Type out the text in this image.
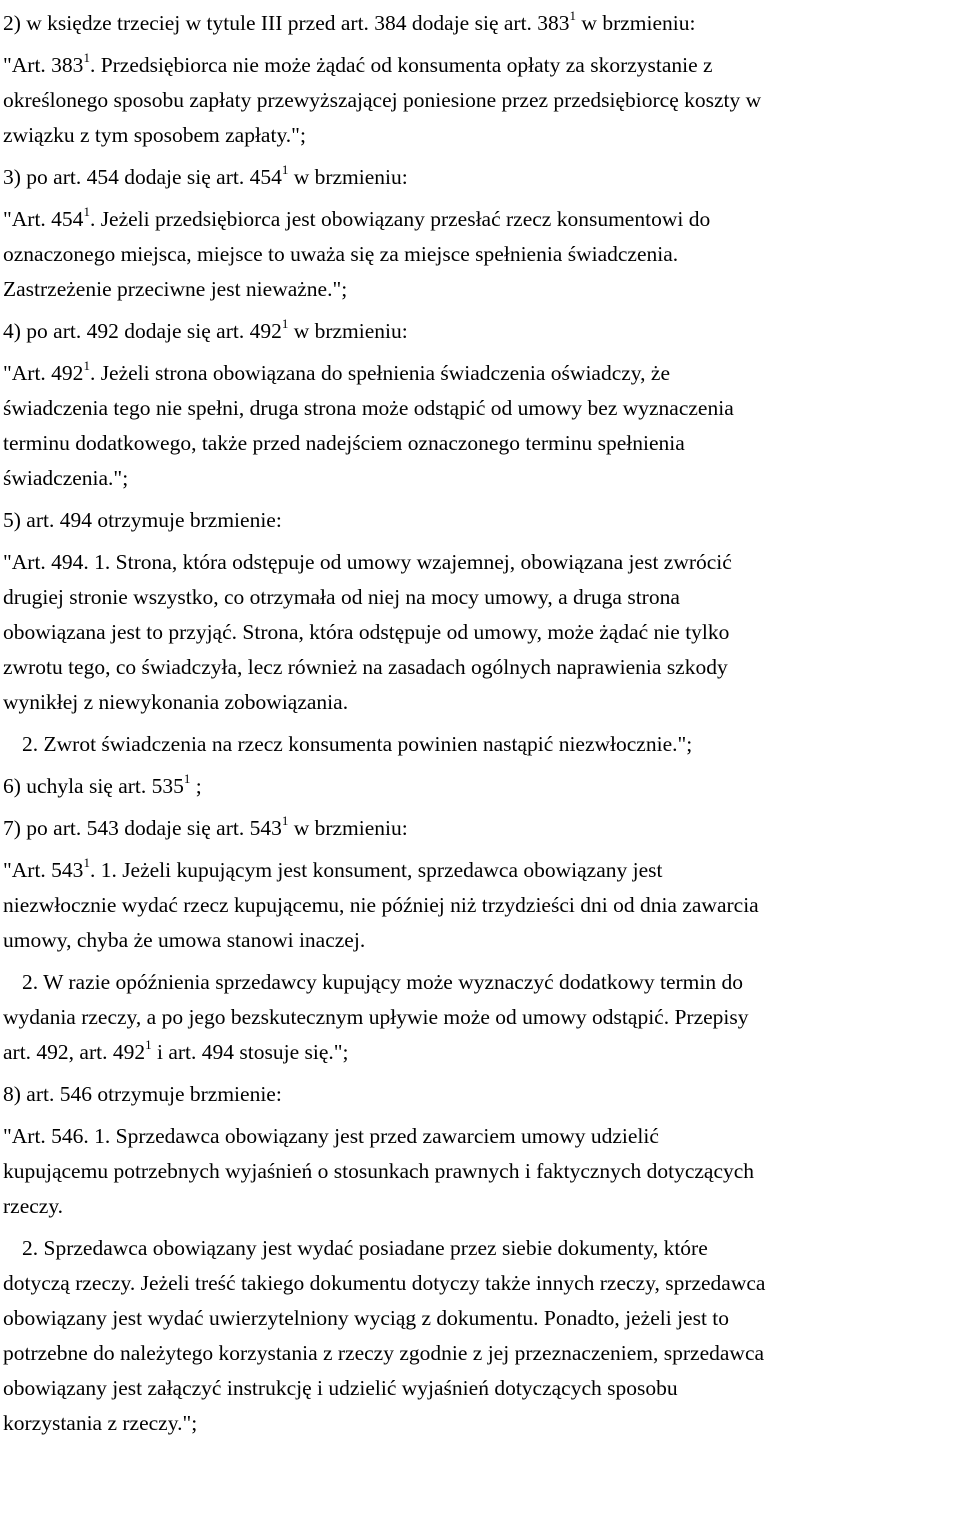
2) w księdze trzeciej w tytule III przed art. 384 dodaje się art. $383^1$ w brzmieniu:

"Art. $383^1$. Przedsiębiorca nie może żądać od konsumenta opłaty za skorzystanie z

określonego sposobu zapłaty przewyższającej poniesione przez przedsiębiorcę koszty w

związku z tym sposobem zapłaty.";

3) po art. 454 dodaje się art. $454^1$ w brzmieniu:

"Art. $454^1$. Jeżeli przedsiębiorca jest obowiązany przesłać rzecz konsumentowi do

oznaczonego miejsca, miejsce to uważa się za miejsce spełnienia świadczenia.

Zastrzeżenie przeciwne jest nieważne.";

4) po art. 492 dodaje się art. $492^1$ w brzmieniu:

"Art. $492^1$. Jeżeli strona obowiązana do spełnienia świadczenia oświadczy, że

świadczenia tego nie spełni, druga strona może odstąpić od umowy bez wyznaczenia

terminu dodatkowego, także przed nadejściem oznaczonego terminu spełnienia

świadczenia.";

5) art. 494 otrzymuje brzmienie:

"Art. 494. 1. Strona, która odstępuje od umowy wzajemnej, obowiązana jest zwrócić

drugiej stronie wszystko, co otrzymała od niej na mocy umowy, a druga strona

obowiązana jest to przyjąć. Strona, która odstępuje od umowy, może żądać nie tylko

zwrotu tego, co świadczyła, lecz również na zasadach ogólnych naprawienia szkody

wynikłej z niewykonania zobowiązania.

2. Zwrot świadczenia na rzecz konsumenta powinien nastąpić niezwłocznie.";

6) uchyla się art. $535^1$ ;

7) po art. 543 dodaje się art. $543^1$ w brzmieniu:

"Art. $543^1$. 1. Jeżeli kupującym jest konsument, sprzedawca obowiązany jest

niezwłocznie wydać rzecz kupującemu, nie później niż trzydzieści dni od dnia zawarcia

umowy, chyba że umowa stanowi inaczej.

2. W razie opóźnienia sprzedawcy kupujący może wyznaczyć dodatkowy termin do

wydania rzeczy, a po jego bezskutecznym upływie może od umowy odstąpić. Przepisy

art. 492, art. $492^1$ i art. 494 stosuje się.";

8) art. 546 otrzymuje brzmienie:

"Art. 546. 1. Sprzedawca obowiązany jest przed zawarciem umowy udzielić

kupującemu potrzebnych wyjaśnień o stosunkach prawnych i faktycznych dotyczących

rzeczy.

2. Sprzedawca obowiązany jest wydać posiadane przez siebie dokumenty, które

dotyczą rzeczy. Jeżeli treść takiego dokumentu dotyczy także innych rzeczy, sprzedawca

obowiązany jest wydać uwierzytelniony wyciąg z dokumentu. Ponadto, jeżeli jest to

potrzebne do należytego korzystania z rzeczy zgodnie z jej przeznaczeniem, sprzedawca

obowiązany jest załączyć instrukcję i udzielić wyjaśnień dotyczących sposobu

korzystania z rzeczy.";
